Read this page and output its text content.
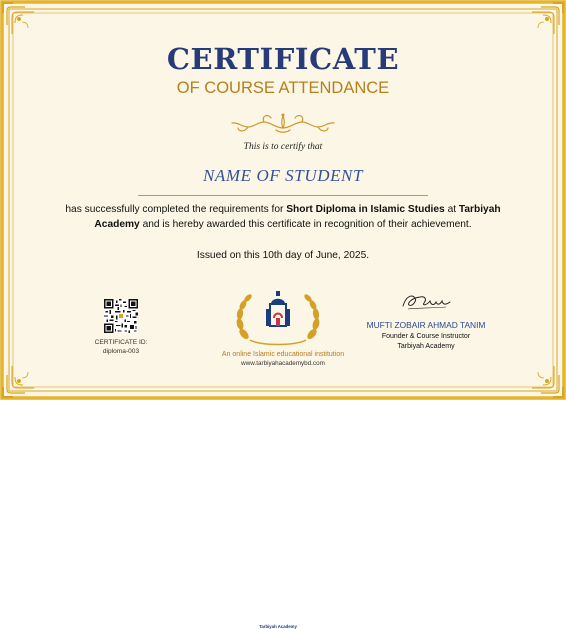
CERTIFICATE
OF COURSE ATTENDANCE
This is to certify that
NAME OF STUDENT
has successfully completed the requirements for Short Diploma in Islamic Studies at Tarbiyah Academy and is hereby awarded this certificate in recognition of their achievement.
Issued on this 10th day of June, 2025.
CERTIFICATE ID:
diploma-003
Tarbiyah Academy
An online Islamic educational institution
www.tarbiyahacademybd.com
MUFTI ZOBAIR AHMAD TANIM
Founder & Course Instructor
Tarbiyah Academy
